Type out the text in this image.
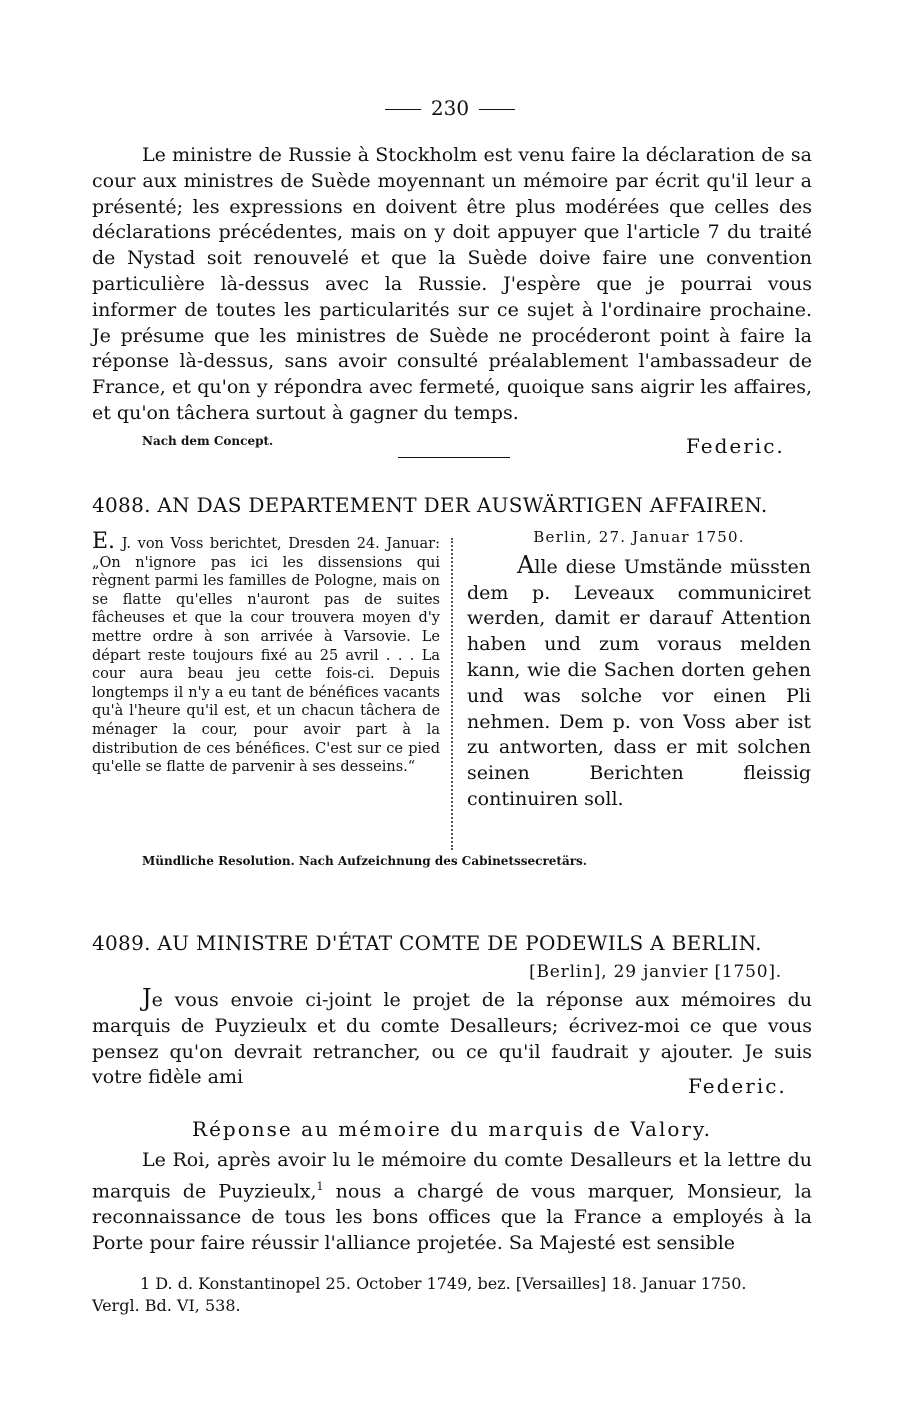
230
Le ministre de Russie à Stockholm est venu faire la déclaration de sa cour aux ministres de Suède moyennant un mémoire par écrit qu'il leur a présenté; les expressions en doivent être plus modérées que celles des déclarations précédentes, mais on y doit appuyer que l'article 7 du traité de Nystad soit renouvelé et que la Suède doive faire une convention particulière là-dessus avec la Russie. J'espère que je pourrai vous informer de toutes les particularités sur ce sujet à l'ordinaire prochaine. Je présume que les ministres de Suède ne procéderont point à faire la réponse là-dessus, sans avoir consulté préalablement l'ambassadeur de France, et qu'on y répondra avec fermeté, quoique sans aigrir les affaires, et qu'on tâchera surtout à gagner du temps.
Nach dem Concept.	Federic.
4088. AN DAS DEPARTEMENT DER AUSWÄRTIGEN AFFAIREN.
E. J. von Voss berichtet, Dresden 24. Januar: „On n'ignore pas ici les dissensions qui règnent parmi les familles de Pologne, mais on se flatte qu'elles n'auront pas de suites fâcheuses et que la cour trouvera moyen d'y mettre ordre à son arrivée à Varsovie. Le départ reste toujours fixé au 25 avril . . . La cour aura beau jeu cette fois-ci. Depuis longtemps il n'y a eu tant de bénéfices vacants qu'à l'heure qu'il est, et un chacun tâchera de ménager la cour, pour avoir part à la distribution de ces bénéfices. C'est sur ce pied qu'elle se flatte de parvenir à ses desseins.“
Berlin, 27. Januar 1750.
Alle diese Umstände müssten dem p. Leveaux communiciret werden, damit er darauf Attention haben und zum voraus melden kann, wie die Sachen dorten gehen und was solche vor einen Pli nehmen. Dem p. von Voss aber ist zu antworten, dass er mit solchen seinen Berichten fleissig continuiren soll.
Mündliche Resolution. Nach Aufzeichnung des Cabinetssecretärs.
4089. AU MINISTRE D'ÉTAT COMTE DE PODEWILS A BERLIN.
[Berlin], 29 janvier [1750].
Je vous envoie ci-joint le projet de la réponse aux mémoires du marquis de Puyzieulx et du comte Desalleurs; écrivez-moi ce que vous pensez qu'on devrait retrancher, ou ce qu'il faudrait y ajouter. Je suis votre fidèle ami	Federic.
Réponse au mémoire du marquis de Valory.
Le Roi, après avoir lu le mémoire du comte Desalleurs et la lettre du marquis de Puyzieulx,$^1$ nous a chargé de vous marquer, Monsieur, la reconnaissance de tous les bons offices que la France a employés à la Porte pour faire réussir l'alliance projetée. Sa Majesté est sensible
1 D. d. Konstantinopel 25. October 1749, bez. [Versailles] 18. Januar 1750.
Vergl. Bd. VI, 538.
